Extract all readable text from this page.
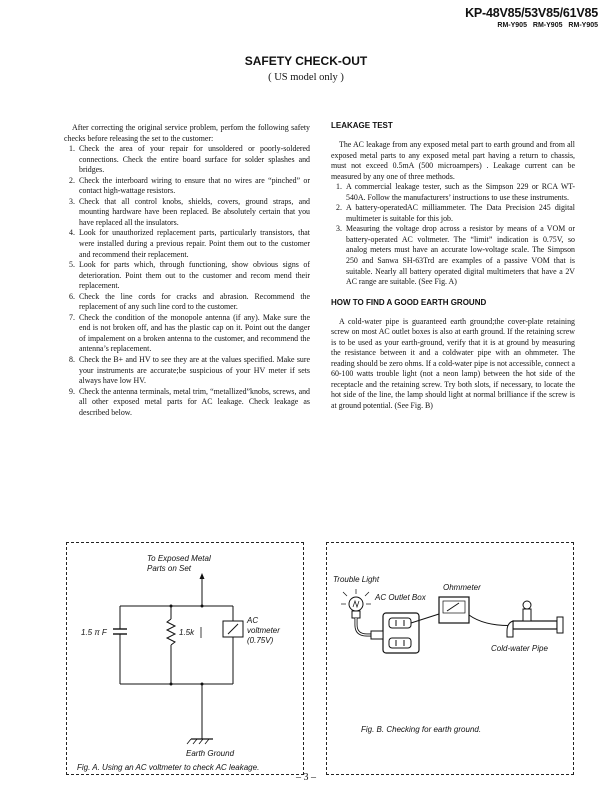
KP-48V85/53V85/61V85
RM-Y905 RM-Y905 RM-Y905
SAFETY CHECK-OUT
( US model only )

After correcting the original service problem, perfom the following safety checks before releasing the set to the customer:

1. Check the area of your repair for unsoldered or poorly-soldered connections. Check the entire board surface for solder splashes and bridges.
2. Check the interboard wiring to ensure that no wires are “pinched” or contact high-wattage resistors.
3. Check that all control knobs, shields, covers, ground straps, and mounting hardware have been replaced. Be absolutely certain that you have replaced all the insulators.
4. Look for unauthorized replacement parts, particularly transistors, that were installed during a previous repair. Point them out to the customer and recommend their replacement.
5. Look for parts which, through functioning, show obvious signs of deterioration. Point them out to the customer and recom mend their replacement.
6. Check the line cords for cracks and abrasion. Recommend the replacement of any such line cord to the customer.
7. Check the condition of the monopole antenna (if any). Make sure the end is not broken off, and has the plastic cap on it. Point out the danger of impalement on a broken antenna to the customer, and recommend the antenna’s replacement.
8. Check the B+ and HV to see they are at the values specified. Make sure your instruments are accurate;be suspicious of your HV meter if sets always have low HV.
9. Check the antenna terminals, metal trim, “metallized”knobs, screws, and all other exposed metal parts for AC leakage. Check leakage as described below.
LEAKAGE TEST

The AC leakage from any exposed metal part to earth ground and from all exposed metal parts to any exposed metal part having a return to chassis, must not exceed 0.5mA (500 microampers) . Leakage current can be measured by any one of three methods.

1. A commercial leakage tester, such as the Simpson 229 or RCA WT-540A. Follow the manufacturers’ instructions to use these instruments.
2. A battery-operatedAC milliammeter. The Data Precision 245 digital multimeter is suitable for this job.
3. Measuring the voltage drop across a resistor by means of a VOM or battery-operated AC voltmeter. The “limit” indication is 0.75V, so analog meters must have an accurate low-voltage scale. The Simpson 250 and Sanwa SH-63Trd are examples of a passive VOM that is suitable. Nearly all battery operated digital multimeters that have a 2V AC range are suitable. (See Fig. A)
HOW TO FIND A GOOD EARTH GROUND

A cold-water pipe is guaranteed earth ground;the cover-plate retaining screw on most AC outlet boxes is also at earth ground. If the retaining screw is to be used as your earth-ground, verify that it is at ground by measuring the resistance between it and a coldwater pipe with an ohmmeter. The reading should be zero ohms. If a cold-water pipe is not accessible, connect a 60-100 watts trouble light (not a neon lamp) between the hot side of the receptacle and the retaining screw. Try both slots, if necessary, to locate the hot side of the line, the lamp should light at normal brilliance if the screw is at ground potential. (See Fig. B)

To Exposed Metal
Parts on Set
1.5 π F	1.5k
AC
voltmeter
(0.75V)
Earth Ground
Fig. A. Using an AC voltmeter to check AC leakage.
Trouble Light
Ohmmeter
AC Outlet Box
Cold-water Pipe
Fig. B. Checking for earth ground.
– 3 –
